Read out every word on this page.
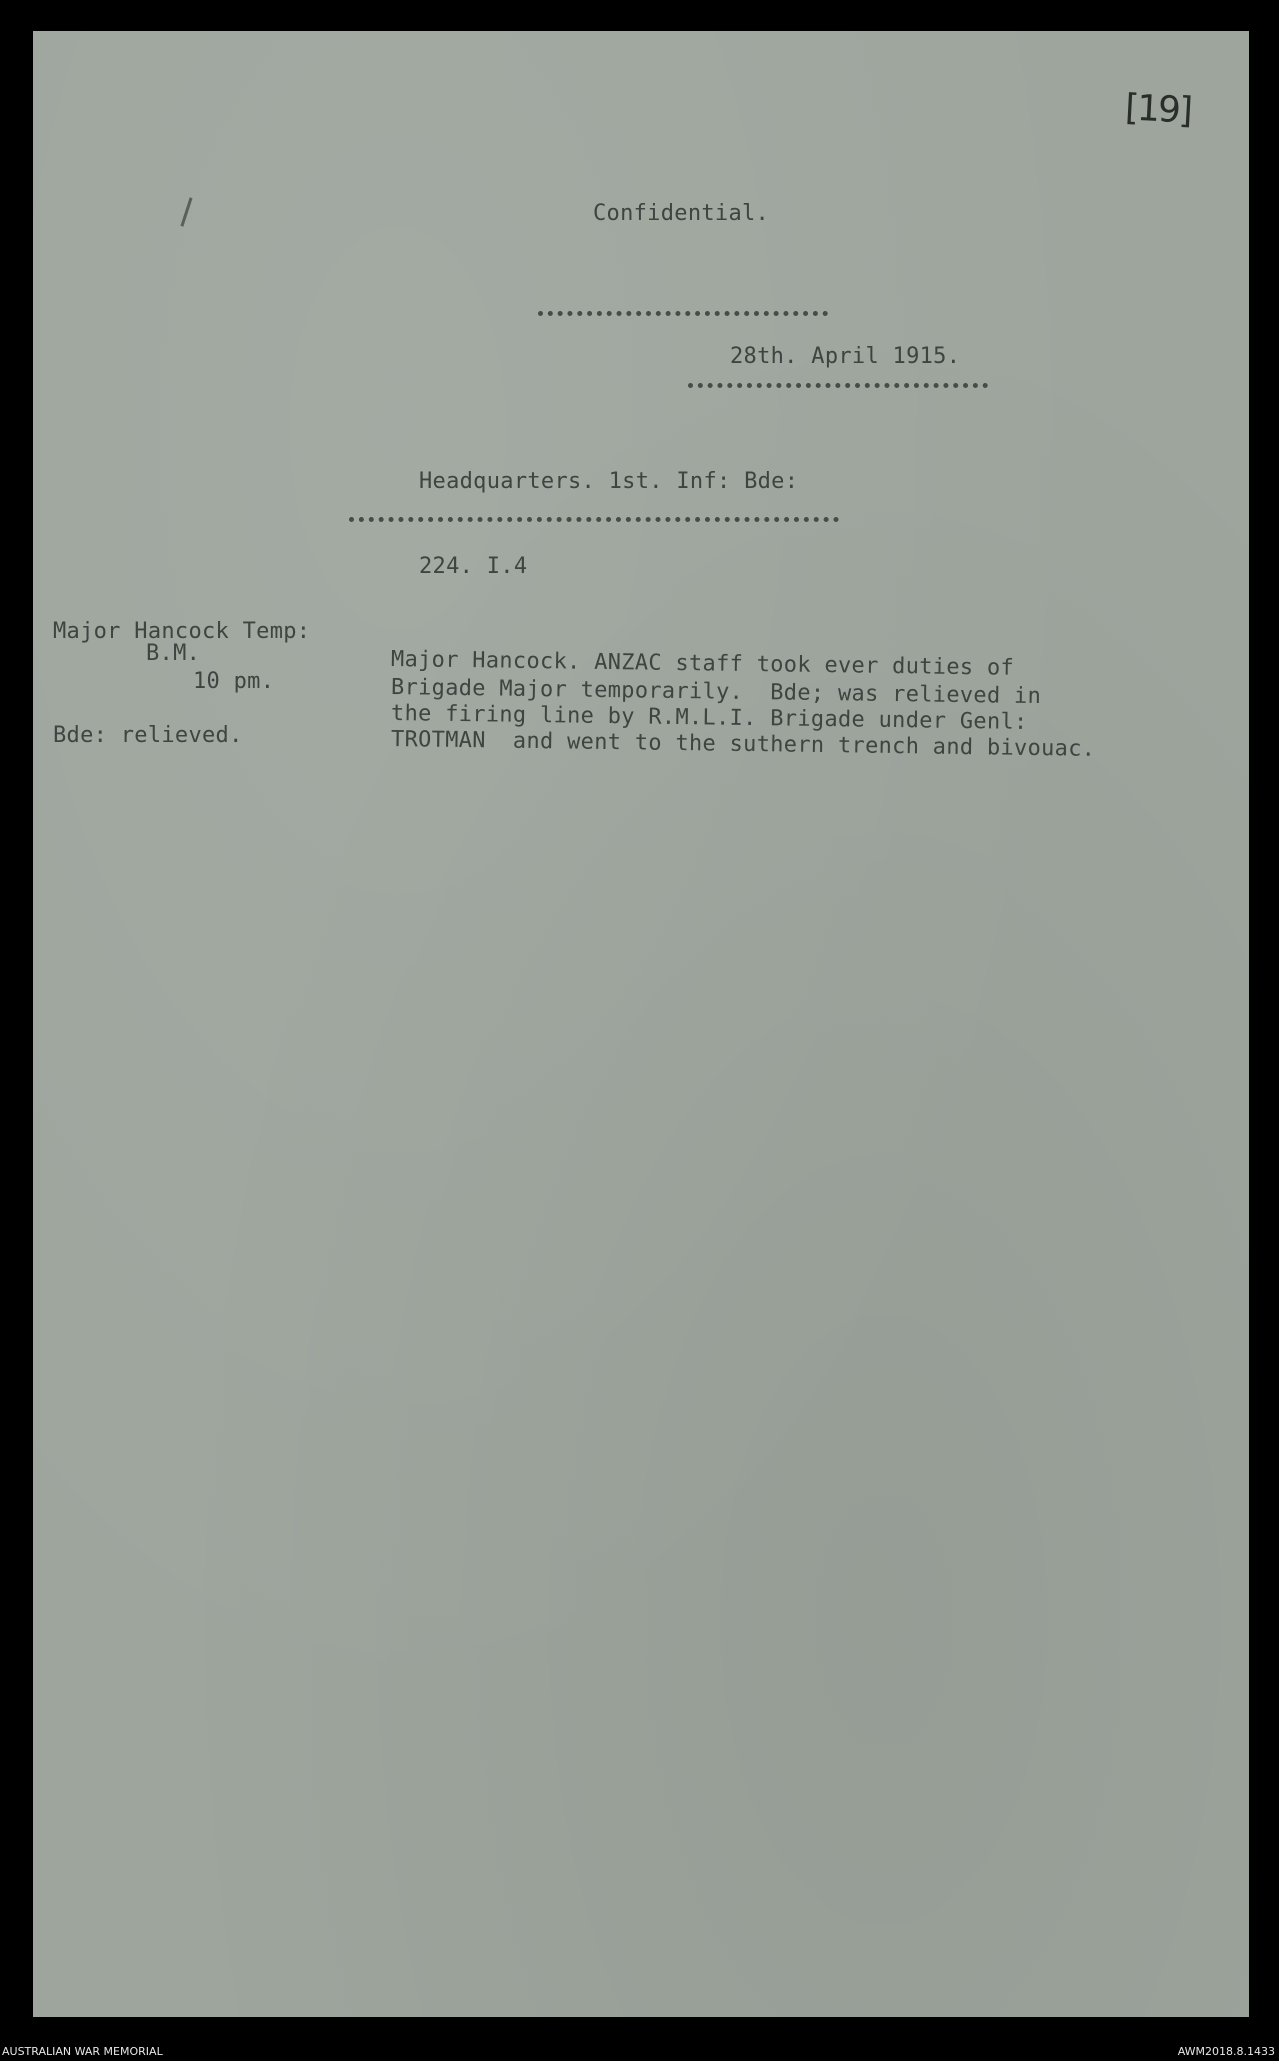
[19]
Confidential.
28th. April 1915.
Headquarters. 1st. Inf: Bde:
224. I.4
Major Hancock Temp:
B.M.
10 pm.
Bde: relieved.
Major Hancock. ANZAC staff took ever duties of
Brigade Major temporarily.  Bde; was relieved in
the firing line by R.M.L.I. Brigade under Genl:
TROTMAN  and went to the suthern trench and bivouac.
AUSTRALIAN WAR MEMORIAL	AWM2018.8.1433
